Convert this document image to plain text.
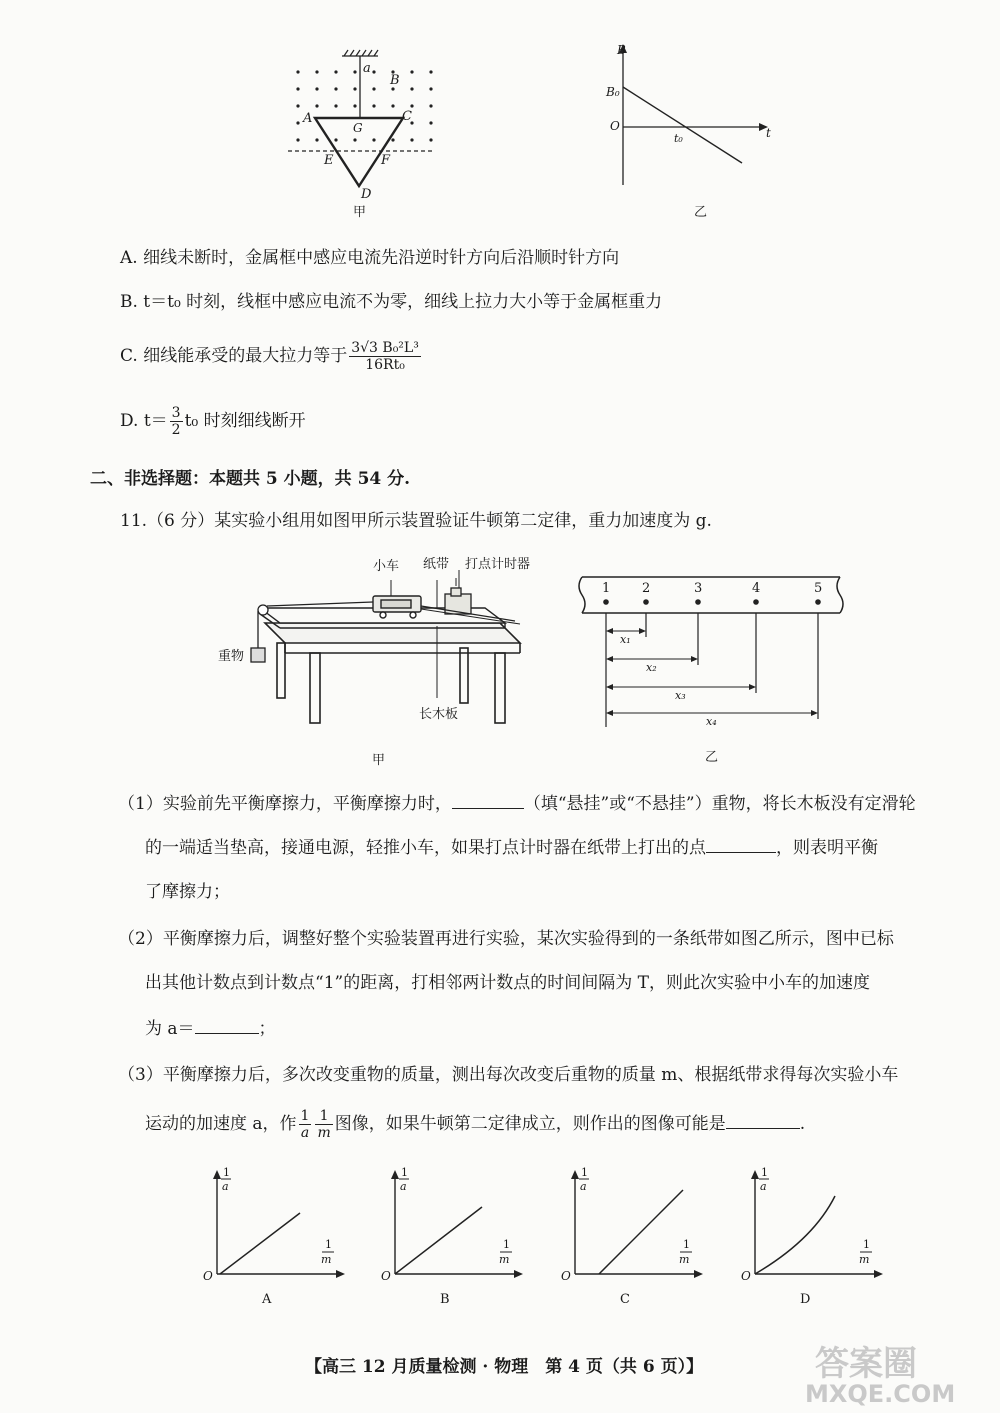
a
B
A	C
G
E	F
D
甲
B
B₀
O
t₀	t
乙
A. 细线未断时，金属框中感应电流先沿逆时针方向后沿顺时针方向
B. t＝t₀ 时刻，线框中感应电流不为零，细线上拉力大小等于金属框重力
C. 细线能承受的最大拉力等于 $\frac{\text{3√3 B₀²L³}}{\text{16Rt₀}}$
D. $t= \frac{3}{2} t_0$ 时刻细线断开
二、非选择题：本题共 5 小题，共 54 分.
11.（6 分）某实验小组用如图甲所示装置验证牛顿第二定律，重力加速度为 g.
小车 纸带 打点计时器
重物
长木板
甲
1 2	3	4	5
x₁
x₂
x₃
x₄
乙
（1）实验前先平衡摩擦力，平衡摩擦力时，	（填“悬挂”或“不悬挂”）重物，将长木板没有定滑轮
的一端适当垫高，接通电源，轻推小车，如果打点计时器在纸带上打出的点	，则表明平衡
了摩擦力；
（2）平衡摩擦力后，调整好整个实验装置再进行实验，某次实验得到的一条纸带如图乙所示，图中已标
出其他计数点到计数点“1”的距离，打相邻两计数点的时间间隔为 T，则此次实验中小车的加速度
为 a＝	；
（3）平衡摩擦力后，多次改变重物的质量，测出每次改变后重物的质量 m、根据纸带求得每次实验小车
运动的加速度 a，作 $\frac{1}{a} \frac{1}{m}$ 图像，如果牛顿第二定律成立，则作出的图像可能是	.
O
1
a
1
m
A
O
1
a
1
m
B
O
1
a
1
m
C
O
1
a
1
m
D
【高三 12 月质量检测 · 物理　第 4 页（共 6 页）】	答案圈
MXQE.COM
